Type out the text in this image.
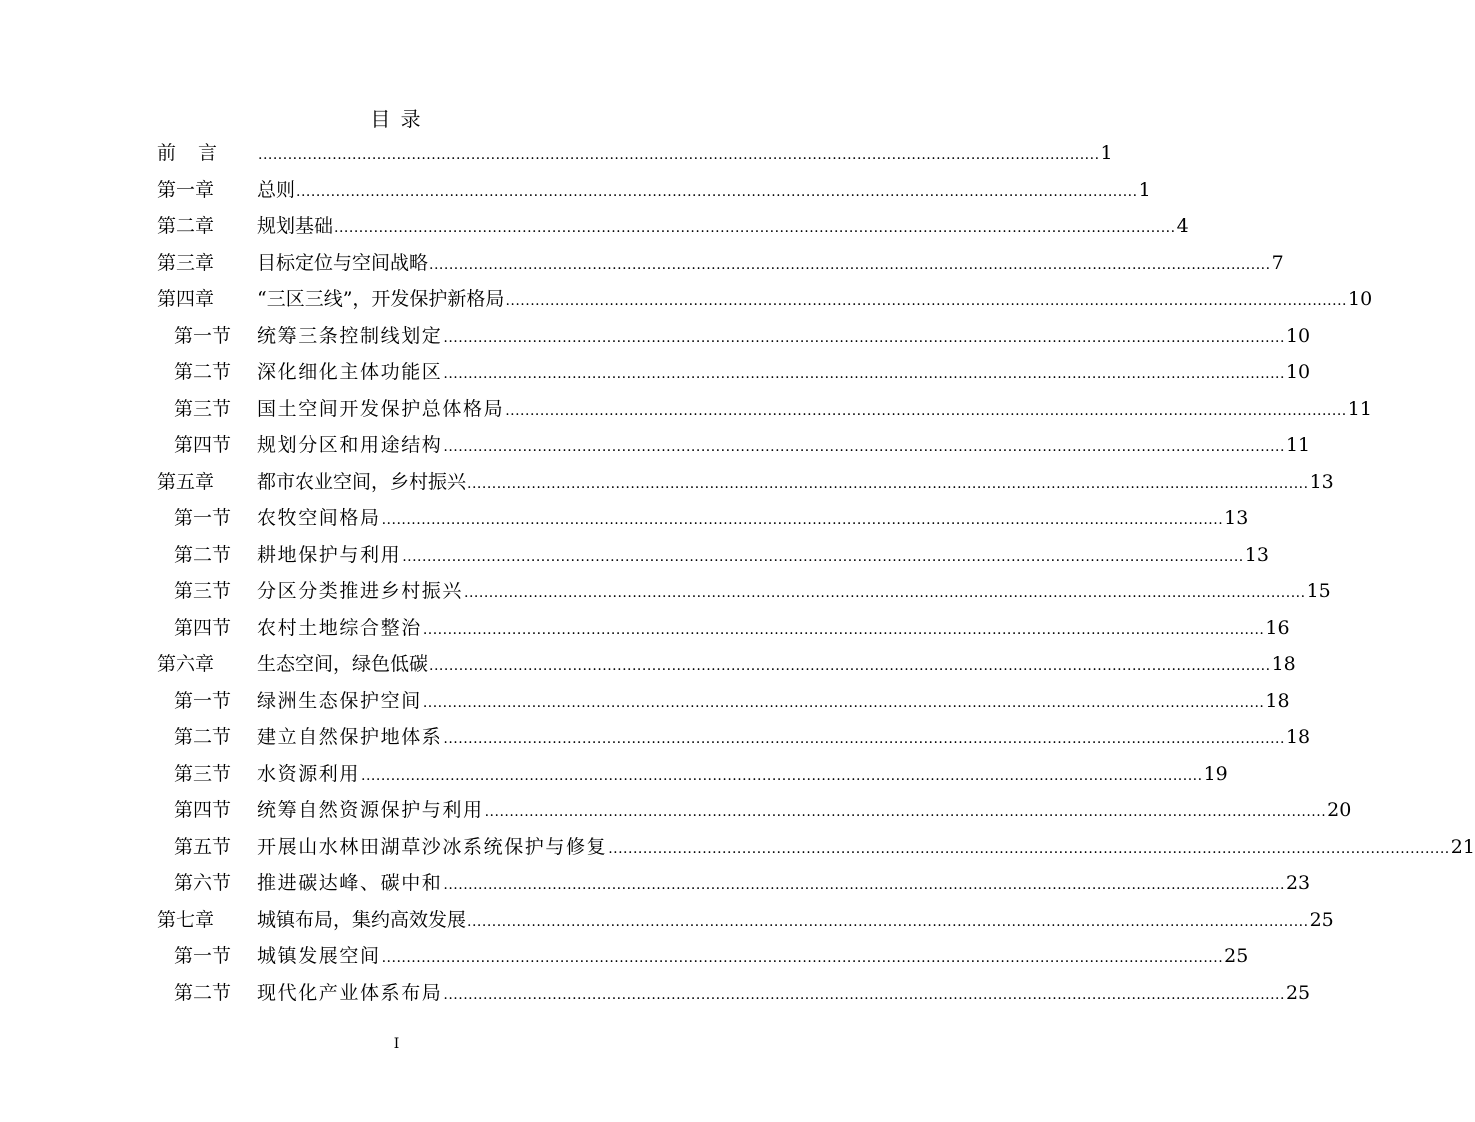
目 录
前 言	.......................................................................................................................................................................... 1
第一章	总则 .......................................................................................................................................................................... 1
第二章	规划基础 .......................................................................................................................................................................... 4
第三章	目标定位与空间战略 .......................................................................................................................................................................... 7
第四章	“三区三线”，开发保护新格局 .......................................................................................................................................................................... 10
第一节	统筹三条控制线划定 .......................................................................................................................................................................... 10
第二节	深化细化主体功能区 .......................................................................................................................................................................... 10
第三节	国土空间开发保护总体格局 .......................................................................................................................................................................... 11
第四节	规划分区和用途结构 .......................................................................................................................................................................... 11
第五章	都市农业空间，乡村振兴 .......................................................................................................................................................................... 13
第一节	农牧空间格局 .......................................................................................................................................................................... 13
第二节	耕地保护与利用 .......................................................................................................................................................................... 13
第三节	分区分类推进乡村振兴 .......................................................................................................................................................................... 15
第四节	农村土地综合整治 .......................................................................................................................................................................... 16
第六章	生态空间，绿色低碳 .......................................................................................................................................................................... 18
第一节	绿洲生态保护空间 .......................................................................................................................................................................... 18
第二节	建立自然保护地体系 .......................................................................................................................................................................... 18
第三节	水资源利用 .......................................................................................................................................................................... 19
第四节	统筹自然资源保护与利用 .......................................................................................................................................................................... 20
第五节	开展山水林田湖草沙冰系统保护与修复 .......................................................................................................................................................................... 21
第六节	推进碳达峰、碳中和 .......................................................................................................................................................................... 23
第七章	城镇布局，集约高效发展 .......................................................................................................................................................................... 25
第一节	城镇发展空间 .......................................................................................................................................................................... 25
第二节	现代化产业体系布局 .......................................................................................................................................................................... 25
I
